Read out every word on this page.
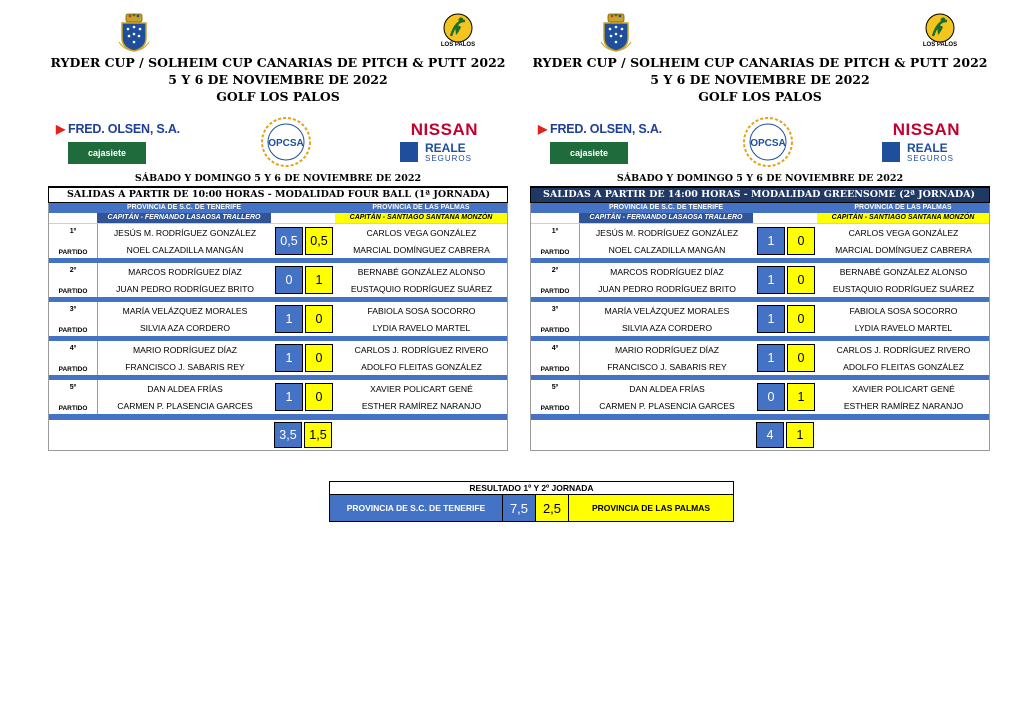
LOS PALOS
RYDER CUP / SOLHEIM CUP CANARIAS DE PITCH & PUTT 2022
5 Y 6 DE NOVIEMBRE DE 2022
GOLF LOS PALOS
▶ FRED. OLSEN, S.A.
cajasiete
OPCSA
NISSAN

REALE
SEGUROS
SÁBADO Y DOMINGO 5 Y 6 DE NOVIEMBRE DE 2022
SALIDAS A PARTIR DE 10:00 HORAS - MODALIDAD FOUR BALL (1ª JORNADA)
PROVINCIA DE S.C. DE TENERIFE	PROVINCIA DE LAS PALMAS
CAPITÁN - FERNANDO LASAOSA TRALLERO	CAPITÁN - SANTIAGO SANTANA MONZÓN
1º
PARTIDO
JESÚS M. RODRÍGUEZ GONZÁLEZ
NOEL CALZADILLA MANGÁN
0,5	0,5
CARLOS VEGA GONZÁLEZ
MARCIAL DOMÍNGUEZ CABRERA
2º
PARTIDO
MARCOS RODRÍGUEZ DÍAZ
JUAN PEDRO RODRÍGUEZ BRITO
0	1
BERNABÉ GONZÁLEZ ALONSO
EUSTAQUIO RODRÍGUEZ SUÁREZ
3º
PARTIDO
MARÍA VELÁZQUEZ MORALES
SILVIA AZA CORDERO
1	0
FABIOLA SOSA SOCORRO
LYDIA RAVELO MARTEL
4º
PARTIDO
MARIO RODRÍGUEZ DÍAZ
FRANCISCO J. SABARIS REY
1	0
CARLOS J. RODRÍGUEZ RIVERO
ADOLFO FLEITAS GONZÁLEZ
5º
PARTIDO
DAN ALDEA FRÍAS
CARMEN P. PLASENCIA GARCES
1	0
XAVIER POLICART GENÉ
ESTHER RAMÍREZ NARANJO
3,5	1,5
LOS PALOS
RYDER CUP / SOLHEIM CUP CANARIAS DE PITCH & PUTT 2022
5 Y 6 DE NOVIEMBRE DE 2022
GOLF LOS PALOS
▶ FRED. OLSEN, S.A.
cajasiete
OPCSA
NISSAN

REALE
SEGUROS
SÁBADO Y DOMINGO 5 Y 6 DE NOVIEMBRE DE 2022
SALIDAS A PARTIR DE 14:00 HORAS - MODALIDAD GREENSOME (2ª JORNADA)
PROVINCIA DE S.C. DE TENERIFE	PROVINCIA DE LAS PALMAS
CAPITÁN - FERNANDO LASAOSA TRALLERO	CAPITÁN - SANTIAGO SANTANA MONZÓN
1º
PARTIDO
JESÚS M. RODRÍGUEZ GONZÁLEZ
NOEL CALZADILLA MANGÁN
1	0
CARLOS VEGA GONZÁLEZ
MARCIAL DOMÍNGUEZ CABRERA
2º
PARTIDO
MARCOS RODRÍGUEZ DÍAZ
JUAN PEDRO RODRÍGUEZ BRITO
1	0
BERNABÉ GONZÁLEZ ALONSO
EUSTAQUIO RODRÍGUEZ SUÁREZ
3º
PARTIDO
MARÍA VELÁZQUEZ MORALES
SILVIA AZA CORDERO
1	0
FABIOLA SOSA SOCORRO
LYDIA RAVELO MARTEL
4º
PARTIDO
MARIO RODRÍGUEZ DÍAZ
FRANCISCO J. SABARIS REY
1	0
CARLOS J. RODRÍGUEZ RIVERO
ADOLFO FLEITAS GONZÁLEZ
5º
PARTIDO
DAN ALDEA FRÍAS
CARMEN P. PLASENCIA GARCES
0	1
XAVIER POLICART GENÉ
ESTHER RAMÍREZ NARANJO
4	1
RESULTADO 1º Y 2º JORNADA
PROVINCIA DE S.C. DE TENERIFE	7,5	2,5	PROVINCIA DE LAS PALMAS
